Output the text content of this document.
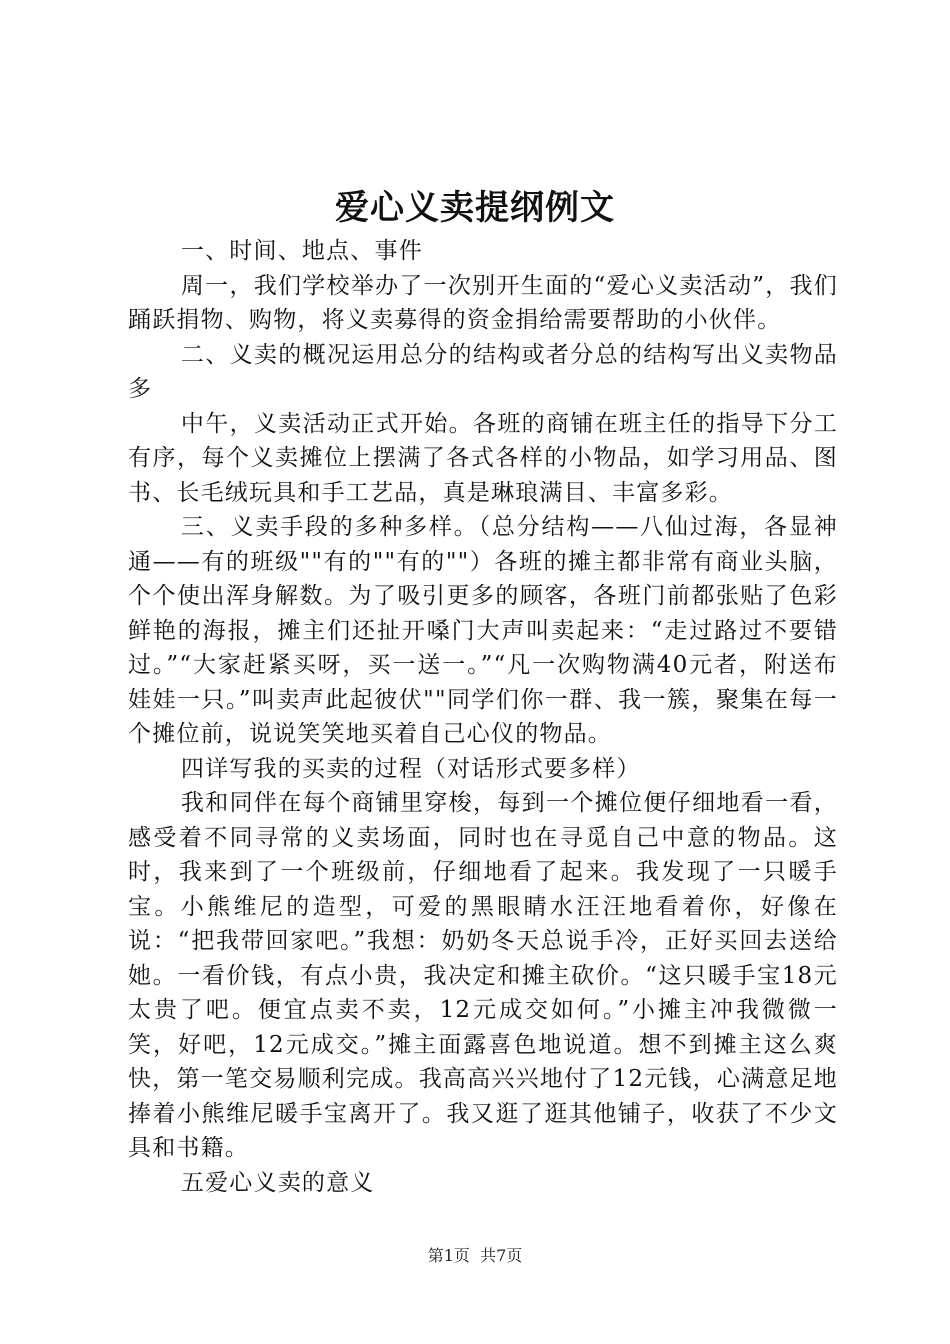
爱心义卖提纲例文

一、时间、地点、事件

周一，我们学校举办了一次别开生面的“爱心义卖活动”，我们踊跃捐物、购物，将义卖募得的资金捐给需要帮助的小伙伴。

二、义卖的概况运用总分的结构或者分总的结构写出义卖物品多

中午，义卖活动正式开始。各班的商铺在班主任的指导下分工有序，每个义卖摊位上摆满了各式各样的小物品，如学习用品、图书、长毛绒玩具和手工艺品，真是琳琅满目、丰富多彩。

三、义卖手段的多种多样。（总分结构——八仙过海，各显神通——有的班级""有的""有的""）各班的摊主都非常有商业头脑，个个使出浑身解数。为了吸引更多的顾客，各班门前都张贴了色彩鲜艳的海报，摊主们还扯开嗓门大声叫卖起来：“走过路过不要错过。”“大家赶紧买呀，买一送一。”“凡一次购物满40元者，附送布娃娃一只。”叫卖声此起彼伏""同学们你一群、我一簇，聚集在每一个摊位前，说说笑笑地买着自己心仪的物品。

四详写我的买卖的过程（对话形式要多样）

我和同伴在每个商铺里穿梭，每到一个摊位便仔细地看一看，感受着不同寻常的义卖场面，同时也在寻觅自己中意的物品。这时，我来到了一个班级前，仔细地看了起来。我发现了一只暖手宝。小熊维尼的造型，可爱的黑眼睛水汪汪地看着你，好像在说：“把我带回家吧。”我想：奶奶冬天总说手冷，正好买回去送给她。一看价钱，有点小贵，我决定和摊主砍价。“这只暖手宝18元太贵了吧。便宜点卖不卖，12元成交如何。”小摊主冲我微微一笑，好吧，12元成交。”摊主面露喜色地说道。想不到摊主这么爽快，第一笔交易顺利完成。我高高兴兴地付了12元钱，心满意足地捧着小熊维尼暖手宝离开了。我又逛了逛其他铺子，收获了不少文具和书籍。

五爱心义卖的意义

第1页 共7页
